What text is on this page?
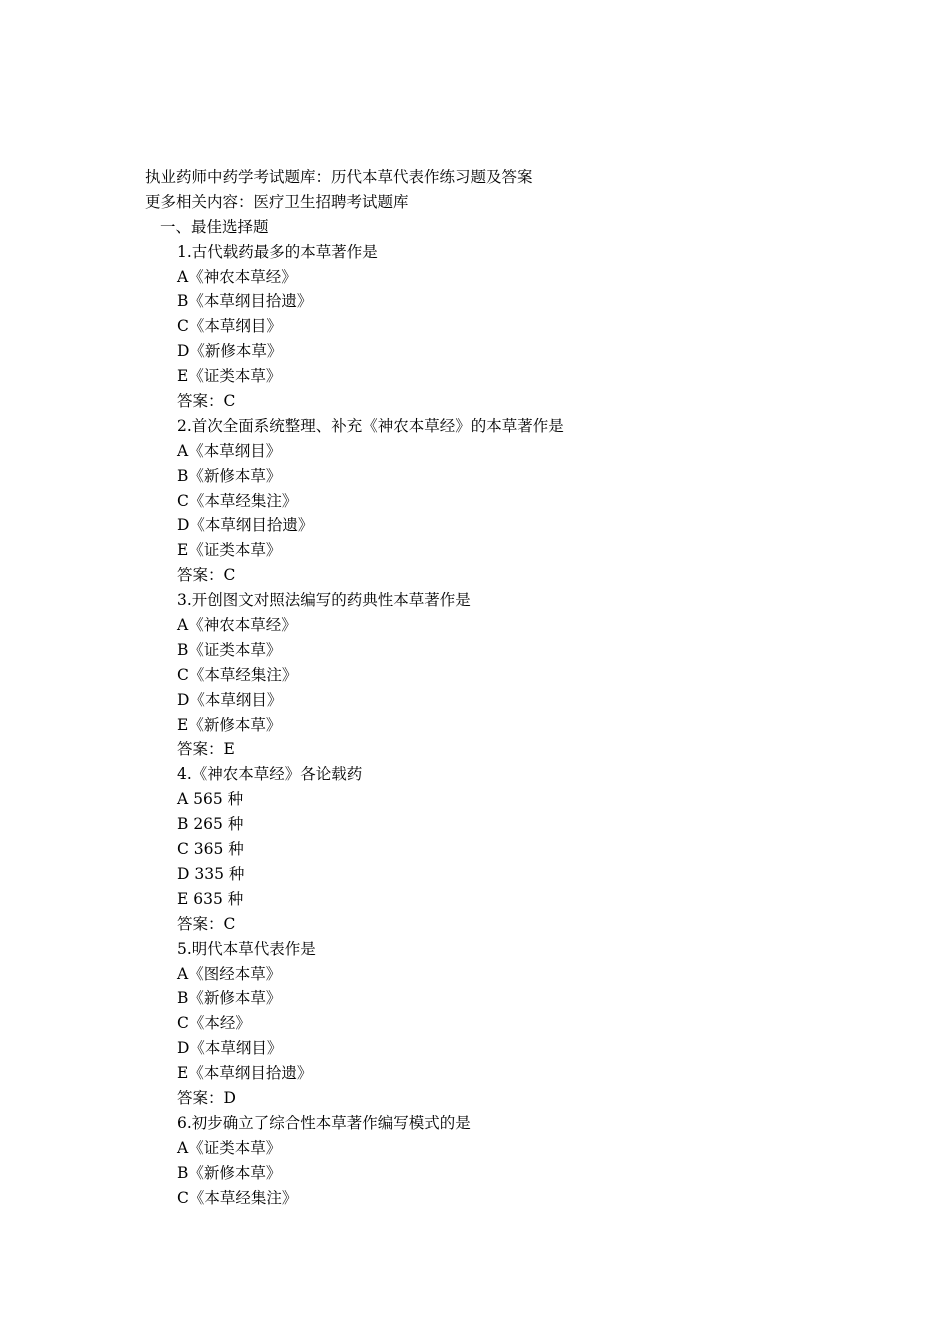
执业药师中药学考试题库：历代本草代表作练习题及答案
更多相关内容：医疗卫生招聘考试题库
一、最佳选择题
1.古代载药最多的本草著作是
A《神农本草经》
B《本草纲目拾遗》
C《本草纲目》
D《新修本草》
E《证类本草》
答案：C
2.首次全面系统整理、补充《神农本草经》的本草著作是
A《本草纲目》
B《新修本草》
C《本草经集注》
D《本草纲目拾遗》
E《证类本草》
答案：C
3.开创图文对照法编写的药典性本草著作是
A《神农本草经》
B《证类本草》
C《本草经集注》
D《本草纲目》
E《新修本草》
答案：E
4.《神农本草经》各论载药
A 565 种
B 265 种
C 365 种
D 335 种
E 635 种
答案：C
5.明代本草代表作是
A《图经本草》
B《新修本草》
C《本经》
D《本草纲目》
E《本草纲目拾遗》
答案：D
6.初步确立了综合性本草著作编写模式的是
A《证类本草》
B《新修本草》
C《本草经集注》
